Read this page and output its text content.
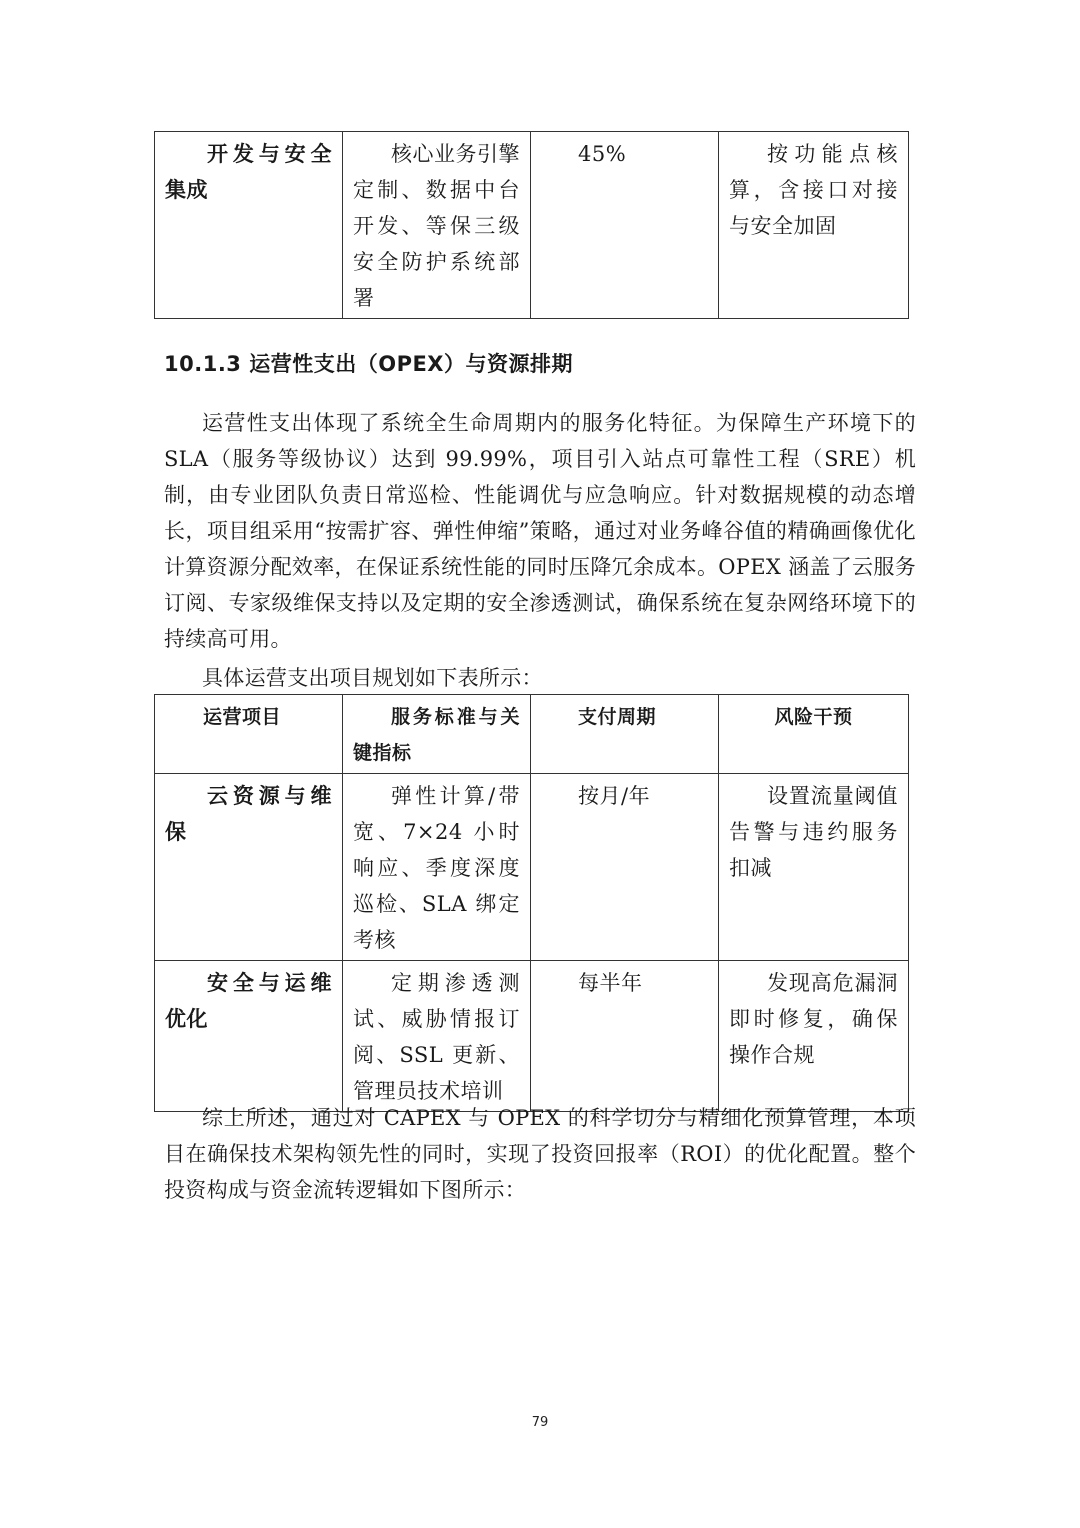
开发与安全集成	核心业务引擎定制、数据中台开发、等保三级安全防护系统部署	45%	按功能点核算，含接口对接与安全加固
10.1.3 运营性支出（OPEX）与资源排期

运营性支出体现了系统全生命周期内的服务化特征。为保障生产环境下的SLA（服务等级协议）达到 99.99%，项目引入站点可靠性工程（SRE）机制，由专业团队负责日常巡检、性能调优与应急响应。针对数据规模的动态增长，项目组采用“按需扩容、弹性伸缩”策略，通过对业务峰谷值的精确画像优化计算资源分配效率，在保证系统性能的同时压降冗余成本。OPEX 涵盖了云服务订阅、专家级维保支持以及定期的安全渗透测试，确保系统在复杂网络环境下的持续高可用。

具体运营支出项目规划如下表所示：

运营项目	服务标准与关键指标	支付周期	风险干预
云资源与维保	弹性计算/带宽、7×24 小时响应、季度深度巡检、SLA 绑定考核	按月/年	设置流量阈值告警与违约服务扣减
安全与运维优化	定期渗透测试、威胁情报订阅、SSL 更新、管理员技术培训	每半年	发现高危漏洞即时修复，确保操作合规

综上所述，通过对 CAPEX 与 OPEX 的科学切分与精细化预算管理，本项目在确保技术架构领先性的同时，实现了投资回报率（ROI）的优化配置。整个投资构成与资金流转逻辑如下图所示：

79
